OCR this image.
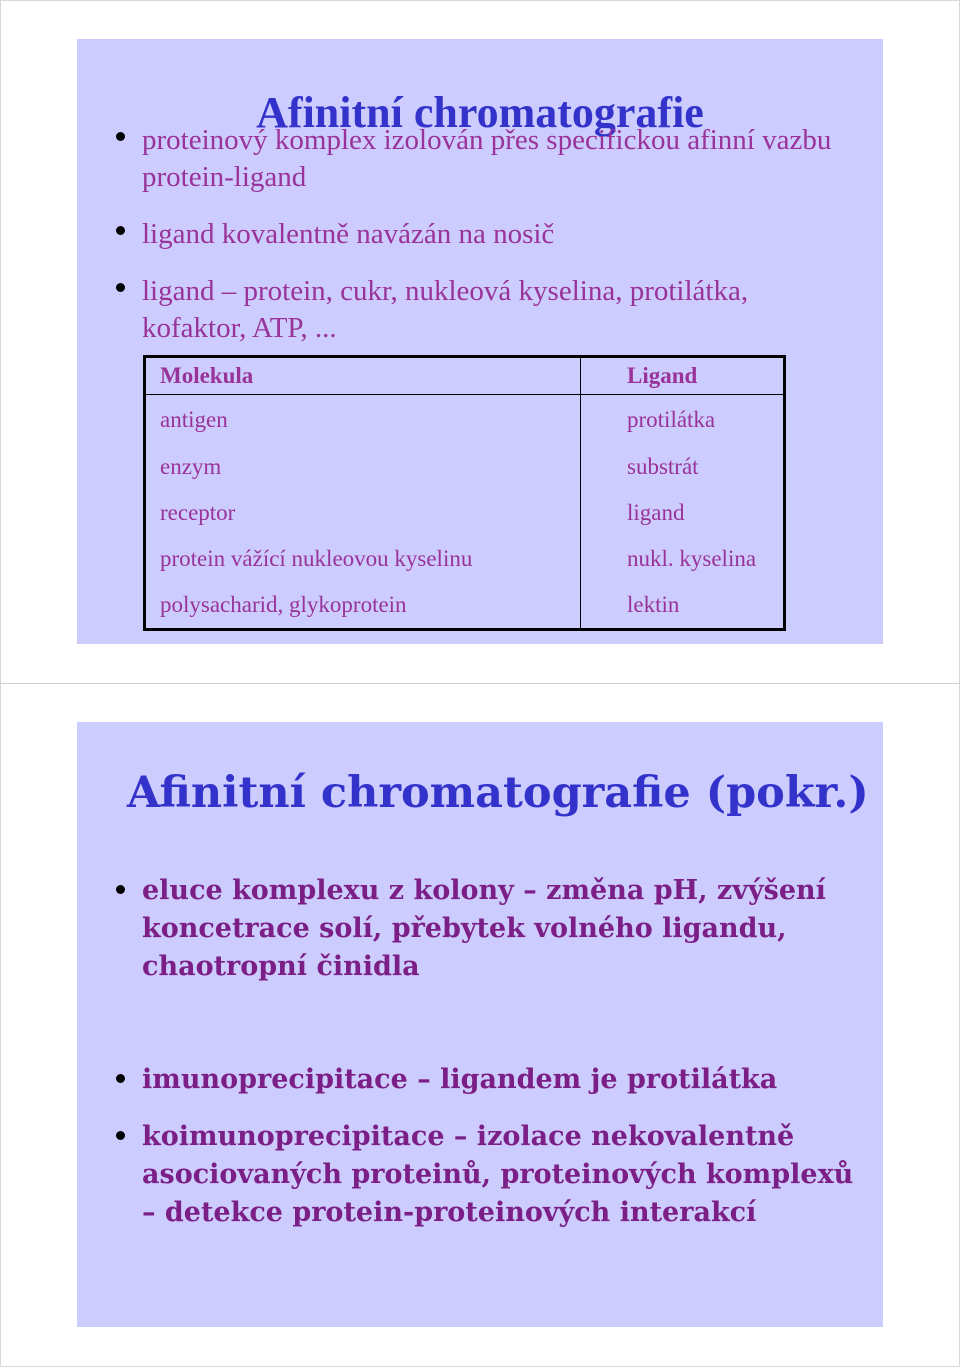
Afinitní chromatografie
proteinový komplex izolován přes specifickou afinní vazbu protein-ligand
ligand kovalentně navázán na nosič
ligand – protein, cukr, nukleová kyselina, protilátka, kofaktor, ATP, ...
Molekula	Ligand
antigen	protilátka
enzym	substrát
receptor	ligand
protein vážící nukleovou kyselinu	nukl. kyselina
polysacharid, glykoprotein	lektin
Afinitní chromatografie (pokr.)
eluce komplexu z kolony – změna pH, zvýšení
koncetrace solí, přebytek volného ligandu,
chaotropní činidla
imunoprecipitace – ligandem je protilátka
koimunoprecipitace – izolace nekovalentně
asociovaných proteinů, proteinových komplexů
– detekce protein-proteinových interakcí
